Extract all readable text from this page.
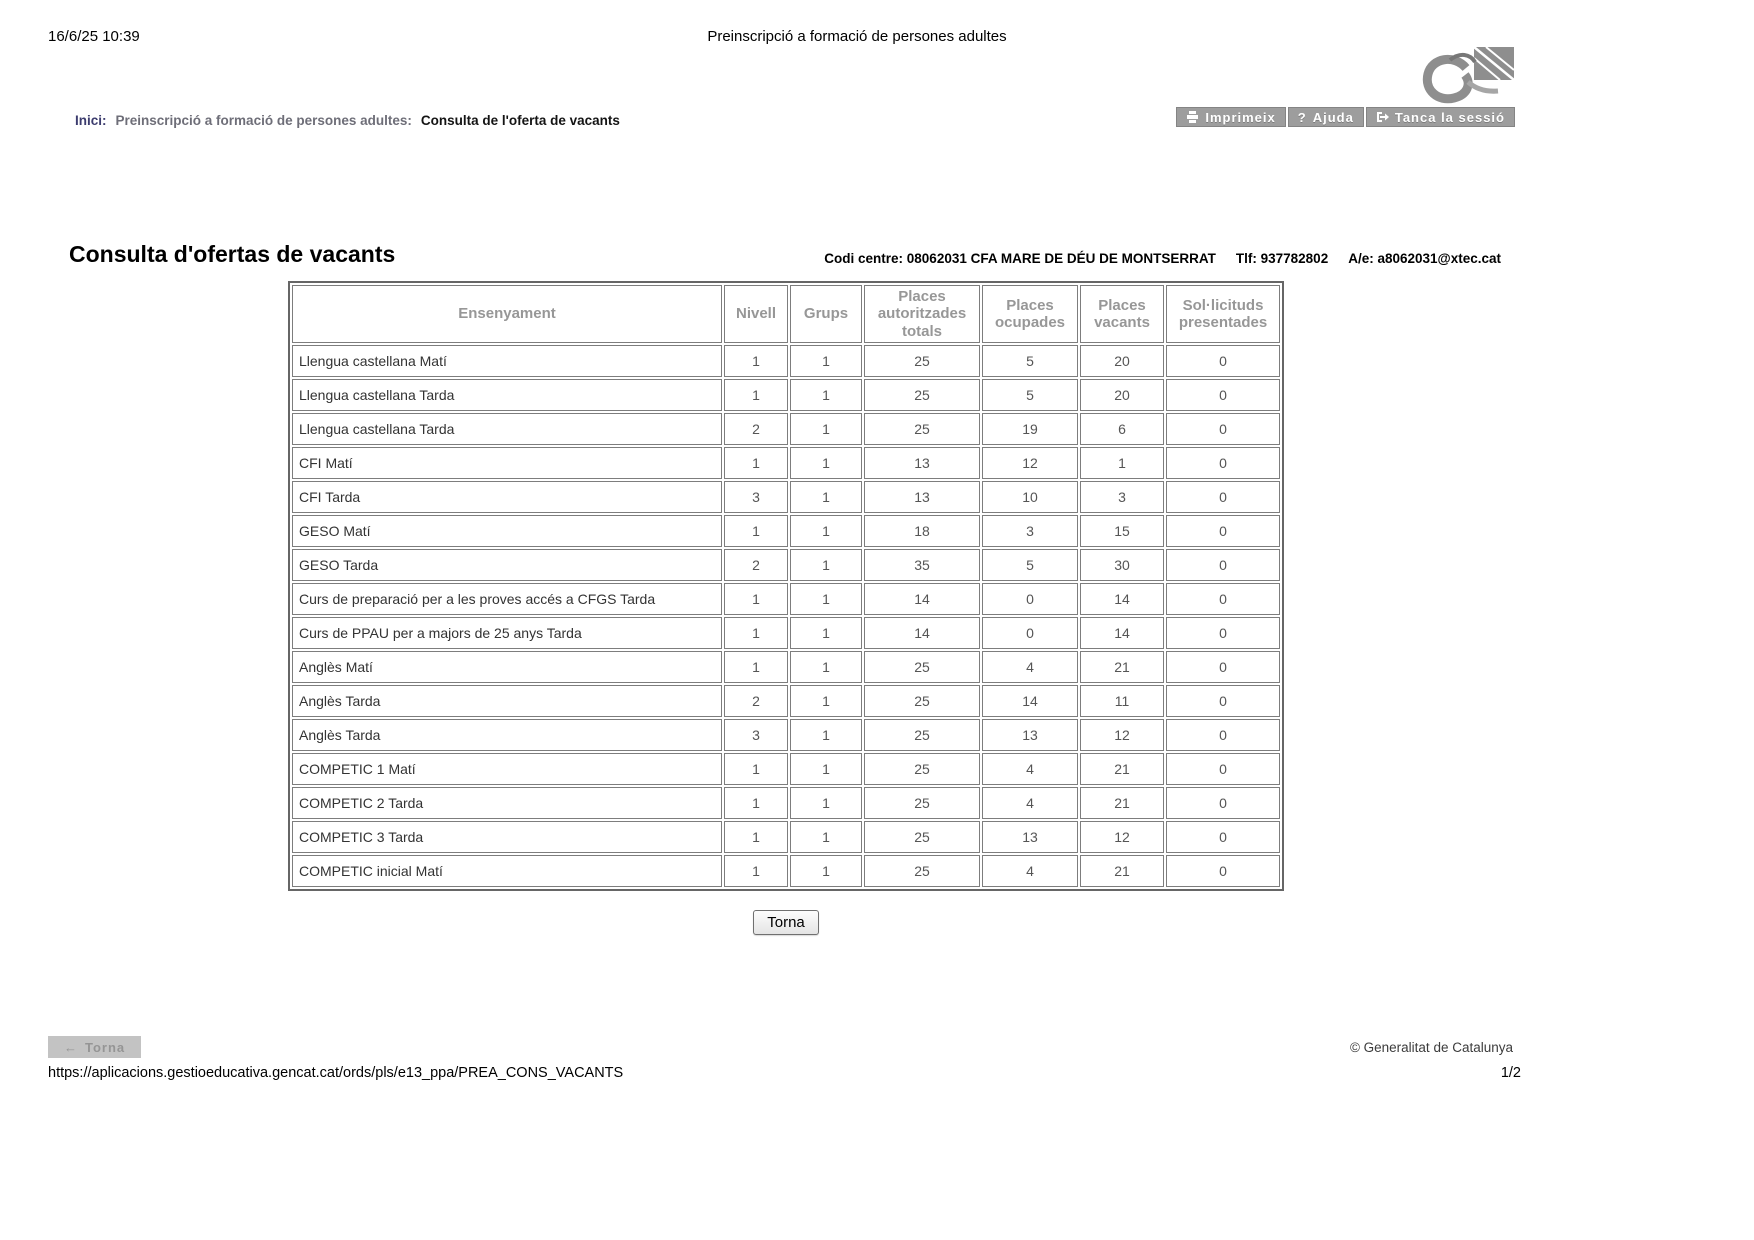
16/6/25 10:39	Preinscripció a formació de persones adultes
Inici: Preinscripció a formació de persones adultes: Consulta de l'oferta de vacants	Imprimeix ? Ajuda	Tanca la sessió
Consulta d'ofertas de vacants	Codi centre: 08062031 CFA MARE DE DÉU DE MONTSERRAT Tlf: 937782802 A/e: a8062031@xtec.cat
Ensenyament	Nivell	Grups	Places autoritzades totals	Places ocupades	Places vacants	Sol·licituds presentades
Llengua castellana Matí	1	1	25	5	20	0
Llengua castellana Tarda	1	1	25	5	20	0
Llengua castellana Tarda	2	1	25	19	6	0
CFI Matí	1	1	13	12	1	0
CFI Tarda	3	1	13	10	3	0
GESO Matí	1	1	18	3	15	0
GESO Tarda	2	1	35	5	30	0
Curs de preparació per a les proves accés a CFGS Tarda	1	1	14	0	14	0
Curs de PPAU per a majors de 25 anys Tarda	1	1	14	0	14	0
Anglès Matí	1	1	25	4	21	0
Anglès Tarda	2	1	25	14	11	0
Anglès Tarda	3	1	25	13	12	0
COMPETIC 1 Matí	1	1	25	4	21	0
COMPETIC 2 Tarda	1	1	25	4	21	0
COMPETIC 3 Tarda	1	1	25	13	12	0
COMPETIC inicial Matí	1	1	25	4	21	0
Torna
← Torna	© Generalitat de Catalunya
https://aplicacions.gestioeducativa.gencat.cat/ords/pls/e13_ppa/PREA_CONS_VACANTS	1/2
